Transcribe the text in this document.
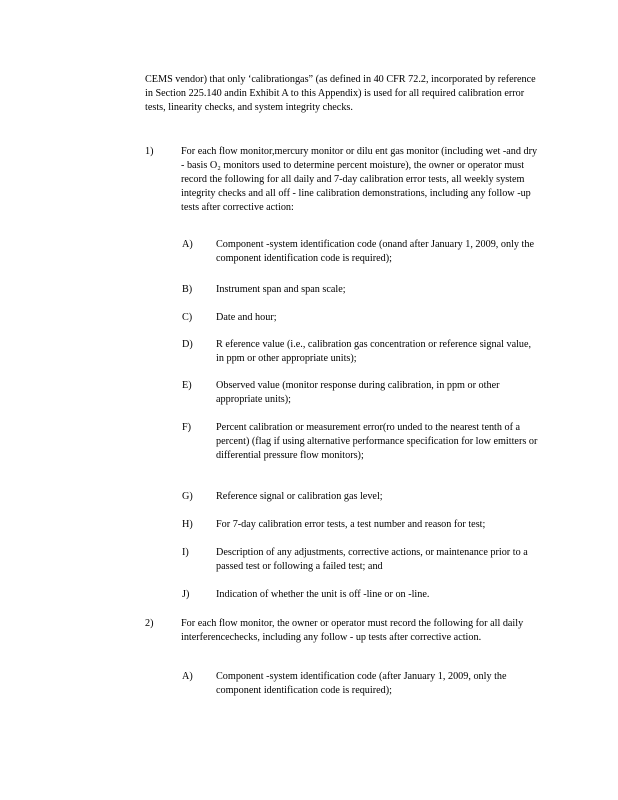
CEMS vendor) that only ‘calibrationgas” (as defined in 40 CFR 72.2, incorporated by reference in Section 225.140 andin Exhibit A to this Appendix) is used for all required calibration error tests, linearity checks, and system integrity checks.

1)	For each flow monitor,mercury monitor or dilu ent gas monitor (including wet -and dry - basis O₂ monitors used to determine percent moisture), the owner or operator must record the following for all daily and 7-day calibration error tests, all weekly system integrity checks and all off - line calibration demonstrations, including any follow -up tests after corrective action:

A) Component -system identification code (onand after January 1, 2009, only the component identification code is required);

B) Instrument span and span scale;

C) Date and hour;

D) R eference value (i.e., calibration gas concentration or reference signal value, in ppm or other appropriate units);

E) Observed value (monitor response during calibration, in ppm or other appropriate units);

F) Percent calibration or measurement error(ro unded to the nearest tenth of a percent) (flag if using alternative performance specification for low emitters or differential pressure flow monitors);

G) Reference signal or calibration gas level;

H) For 7-day calibration error tests, a test number and reason for test;

I)	Description of any adjustments, corrective actions, or maintenance prior to a passed test or following a failed test; and

J)	Indication of whether the unit is off -line or on -line.

2)	For each flow monitor, the owner or operator must record the following for all daily interferencechecks, including any follow - up tests after corrective action.

A) Component -system identification code (after January 1, 2009, only the component identification code is required);
